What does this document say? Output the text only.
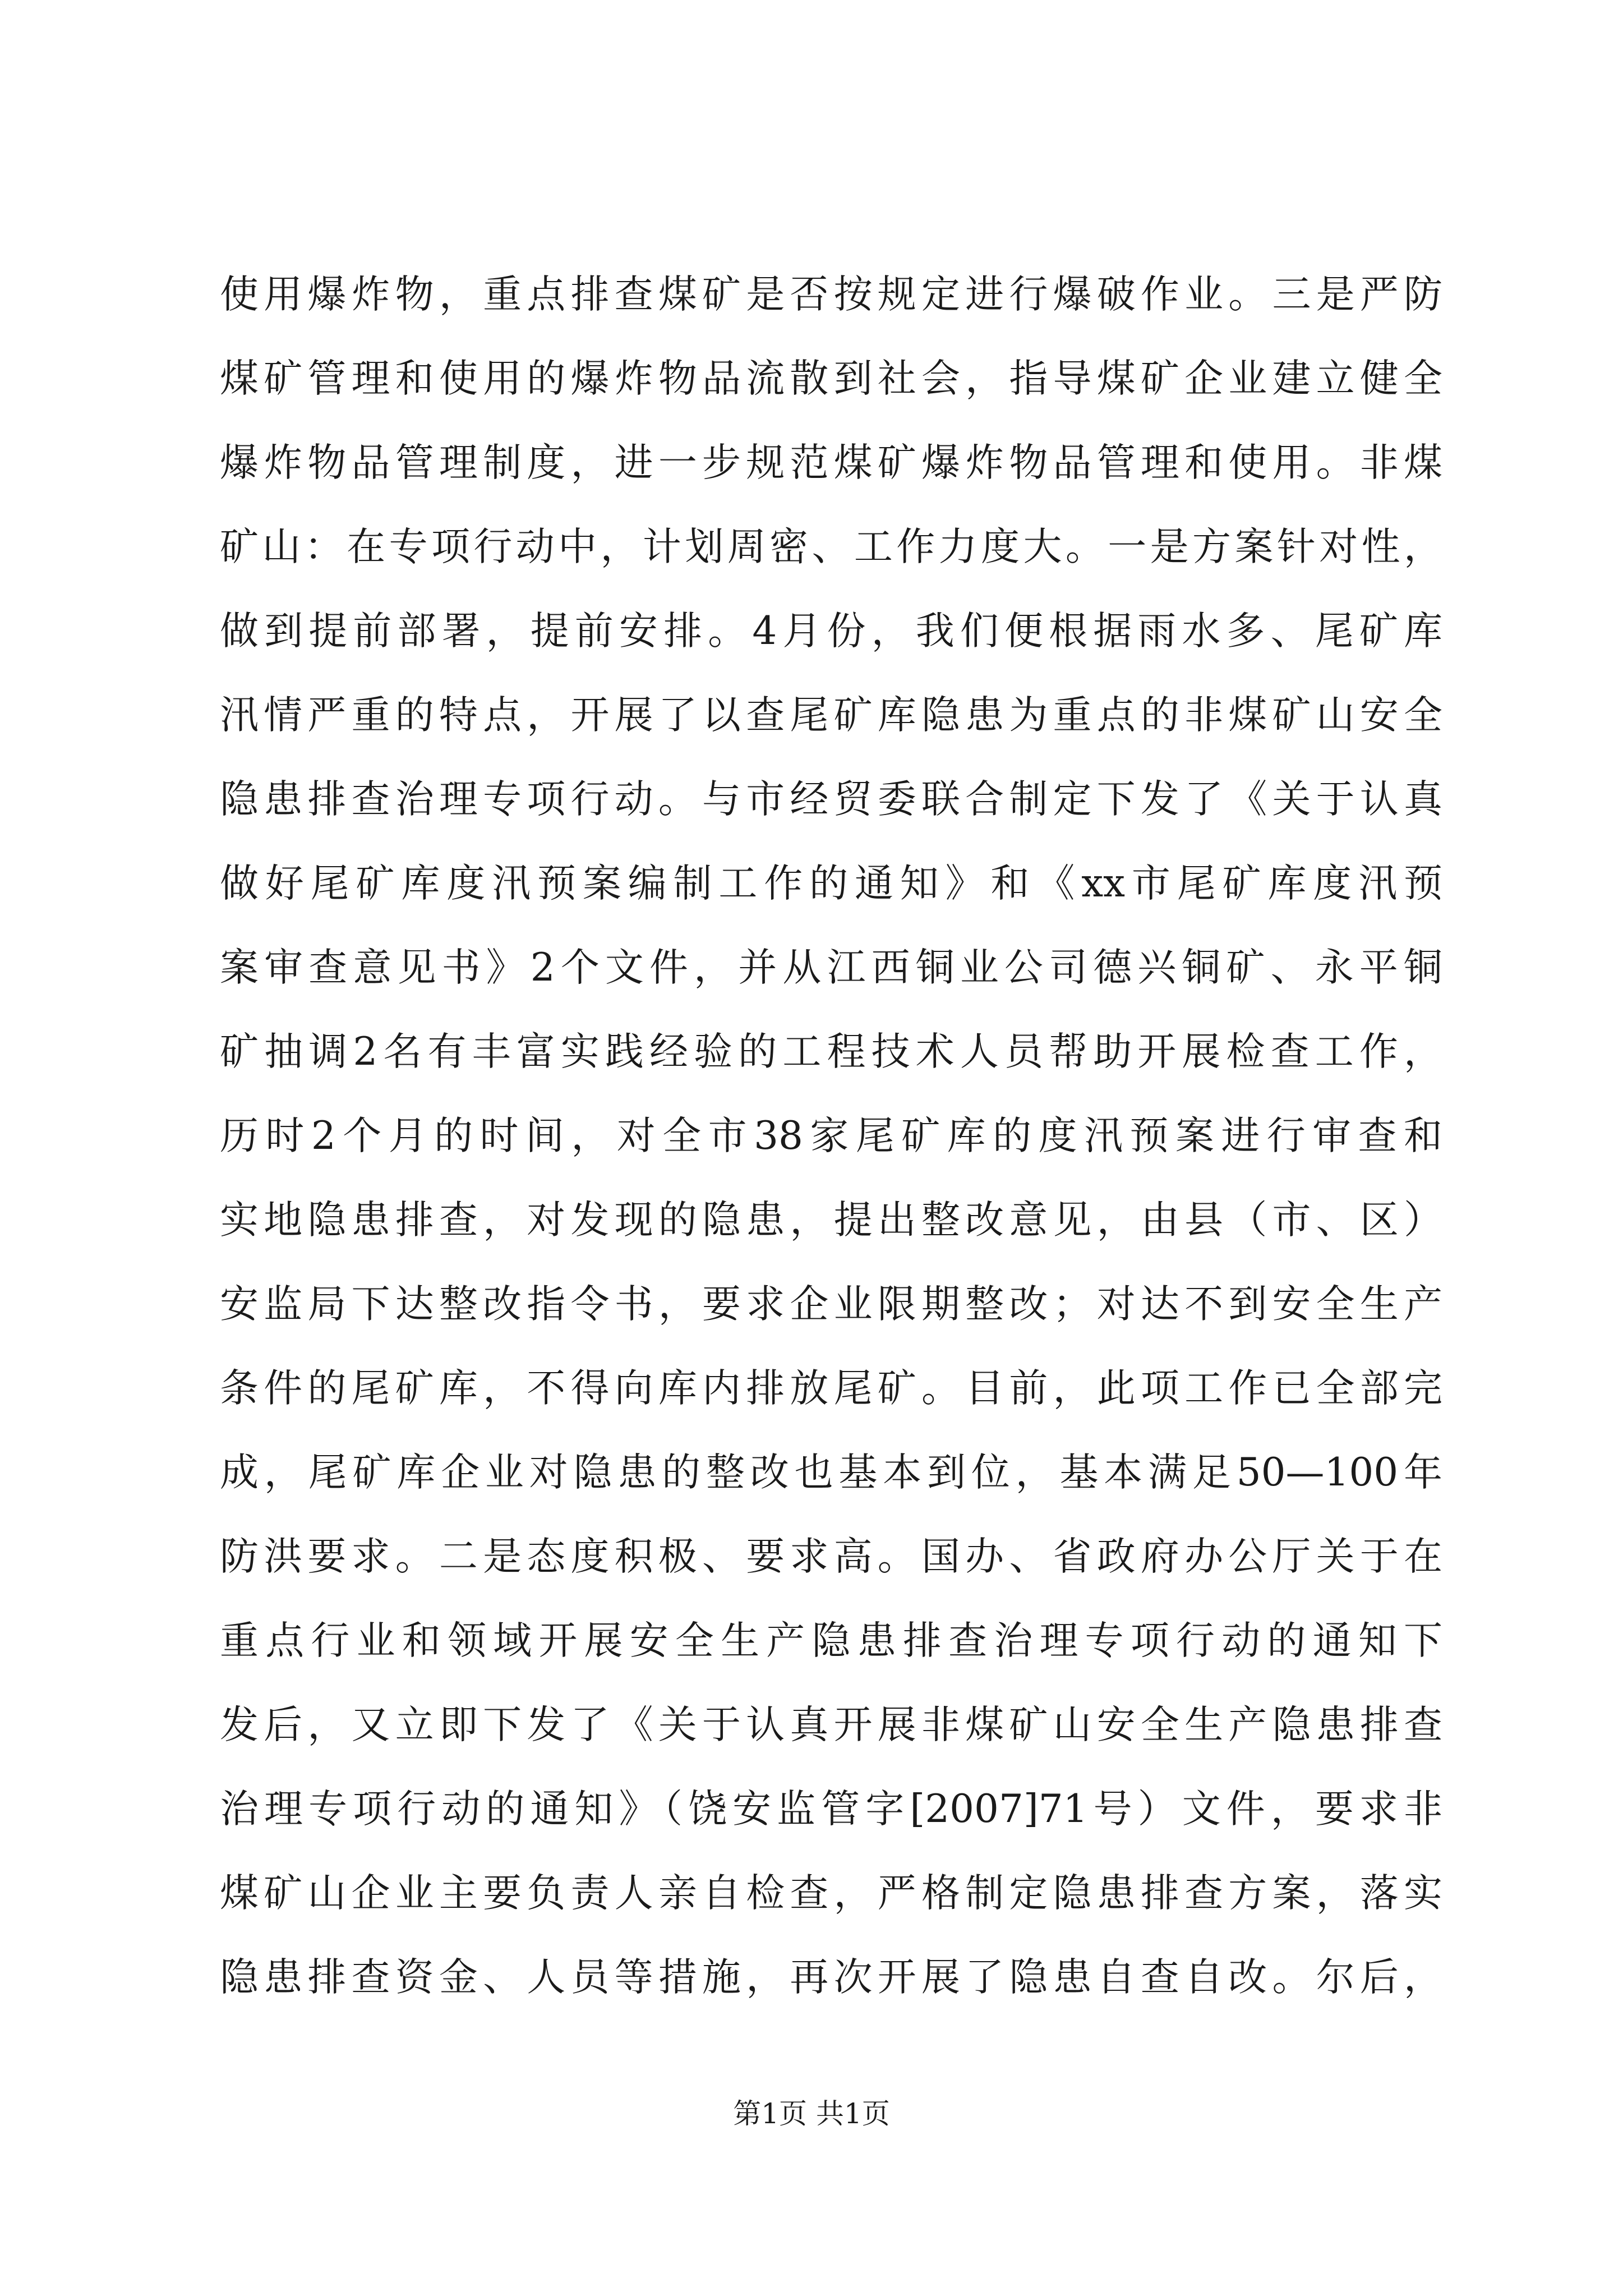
使用爆炸物，重点排查煤矿是否按规定进行爆破作业。三是严防
煤矿管理和使用的爆炸物品流散到社会，指导煤矿企业建立健全
爆炸物品管理制度，进一步规范煤矿爆炸物品管理和使用。非煤
矿山：在专项行动中，计划周密、工作力度大。一是方案针对性，
做到提前部署，提前安排。4月份，我们便根据雨水多、尾矿库
汛情严重的特点，开展了以查尾矿库隐患为重点的非煤矿山安全
隐患排查治理专项行动。与市经贸委联合制定下发了《关于认真
做好尾矿库度汛预案编制工作的通知》和《xx市尾矿库度汛预
案审查意见书》2个文件，并从江西铜业公司德兴铜矿、永平铜
矿抽调2名有丰富实践经验的工程技术人员帮助开展检查工作，
历时2个月的时间，对全市38家尾矿库的度汛预案进行审查和
实地隐患排查，对发现的隐患，提出整改意见，由县（市、区）
安监局下达整改指令书，要求企业限期整改；对达不到安全生产
条件的尾矿库，不得向库内排放尾矿。目前，此项工作已全部完
成，尾矿库企业对隐患的整改也基本到位，基本满足50—100年
防洪要求。二是态度积极、要求高。国办、省政府办公厅关于在
重点行业和领域开展安全生产隐患排查治理专项行动的通知下
发后，又立即下发了《关于认真开展非煤矿山安全生产隐患排查
治理专项行动的通知》（饶安监管字[2007]71号）文件，要求非
煤矿山企业主要负责人亲自检查，严格制定隐患排查方案，落实
隐患排查资金、人员等措施，再次开展了隐患自查自改。尔后，
第1页 共1页
